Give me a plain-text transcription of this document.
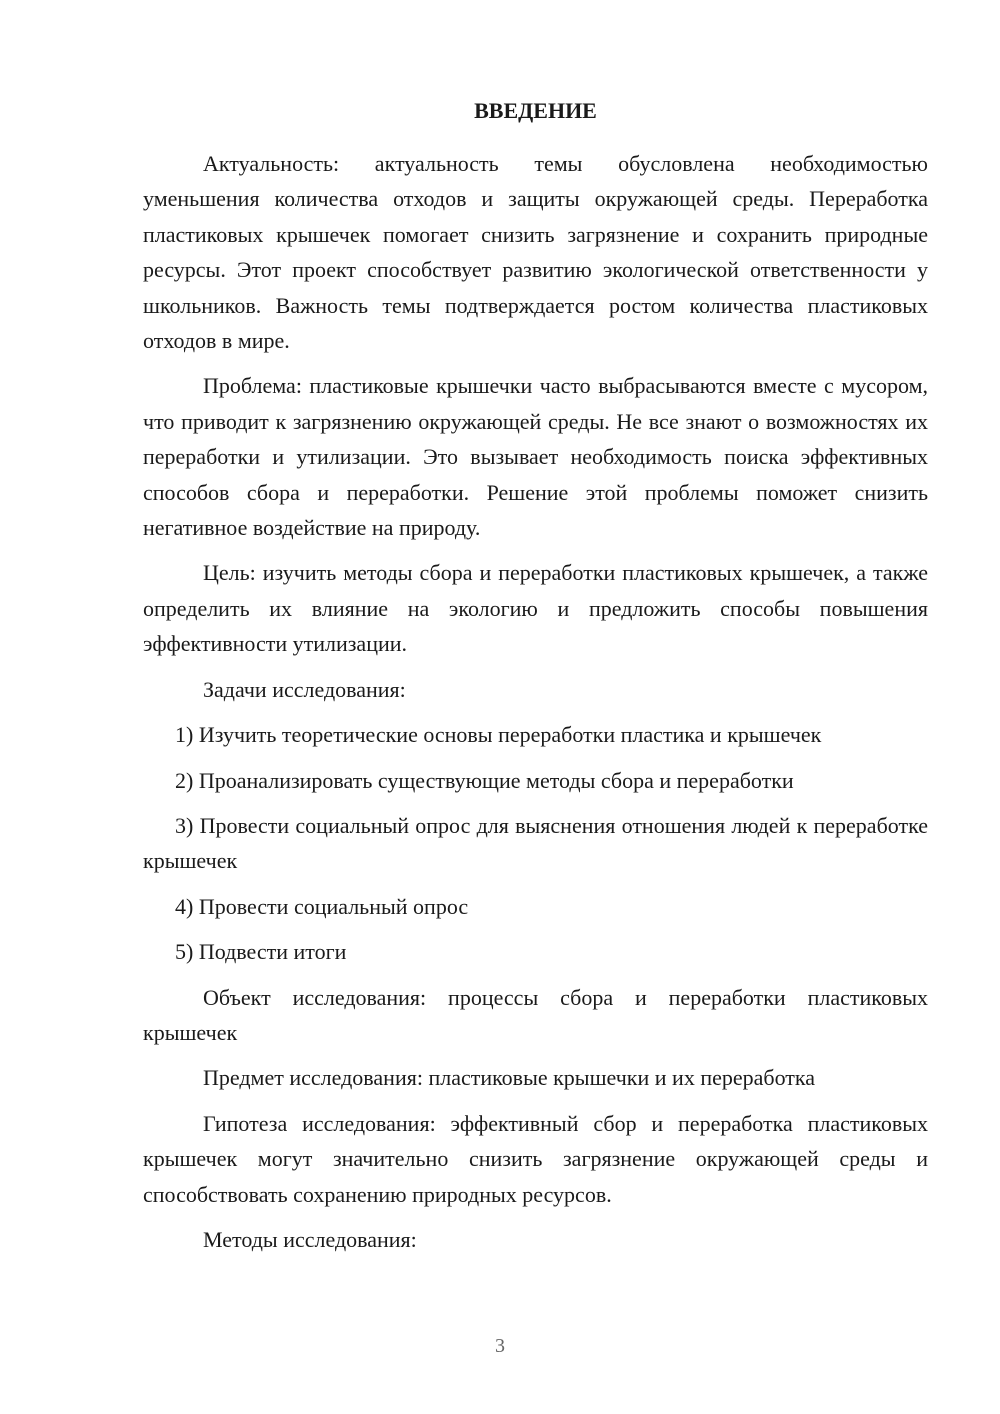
ВВЕДЕНИЕ

Актуальность: актуальность темы обусловлена необходимостью уменьшения количества отходов и защиты окружающей среды. Переработка пластиковых крышечек помогает снизить загрязнение и сохранить природные ресурсы. Этот проект способствует развитию экологической ответственности у школьников. Важность темы подтверждается ростом количества пластиковых отходов в мире.

Проблема: пластиковые крышечки часто выбрасываются вместе с мусором, что приводит к загрязнению окружающей среды. Не все знают о возможностях их переработки и утилизации. Это вызывает необходимость поиска эффективных способов сбора и переработки. Решение этой проблемы поможет снизить негативное воздействие на природу.

Цель: изучить методы сбора и переработки пластиковых крышечек, а также определить их влияние на экологию и предложить способы повышения эффективности утилизации.

Задачи исследования:

1) Изучить теоретические основы переработки пластика и крышечек

2) Проанализировать существующие методы сбора и переработки

3) Провести социальный опрос для выяснения отношения людей к переработке крышечек

4) Провести социальный опрос

5) Подвести итоги

Объект исследования: процессы сбора и переработки пластиковых крышечек

Предмет исследования: пластиковые крышечки и их переработка

Гипотеза исследования: эффективный сбор и переработка пластиковых крышечек могут значительно снизить загрязнение окружающей среды и способствовать сохранению природных ресурсов.

Методы исследования:

3
